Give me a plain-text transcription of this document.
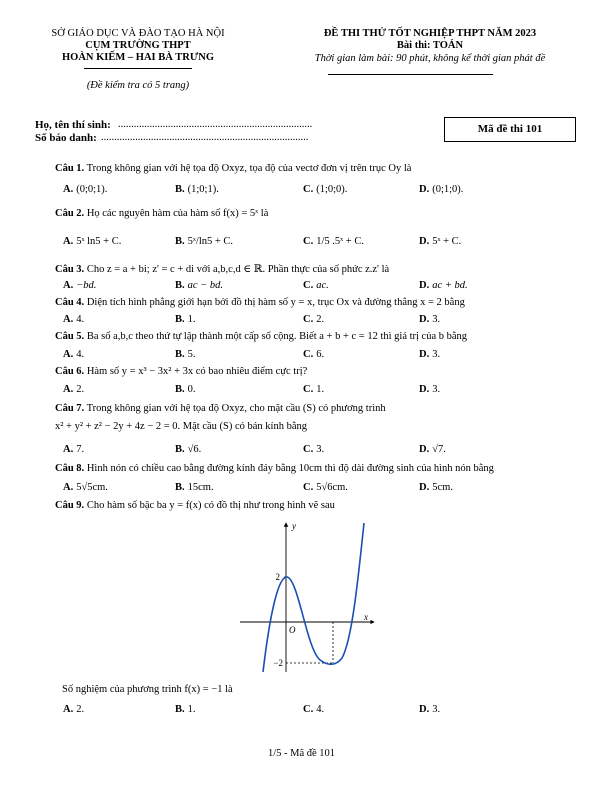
SỞ GIÁO DỤC VÀ ĐÀO TẠO HÀ NỘI
CỤM TRƯỜNG THPT
HOÀN KIẾM – HAI BÀ TRƯNG
(Đề kiểm tra có 5 trang)
ĐỀ THI THỬ TỐT NGHIỆP THPT NĂM 2023
Bài thi: TOÁN
Thời gian làm bài: 90 phút, không kể thời gian phát đề
Họ, tên thí sinh: ..........................................................................
Số báo danh: ...............................................................................
Mã đề thi 101
Câu 1. Trong không gian với hệ tọa độ Oxyz, tọa độ của vectơ đơn vị trên trục Oy là
A. (0;0;1).	B. (1;0;1).	C. (1;0;0).	D. (0;1;0).
Câu 2. Họ các nguyên hàm của hàm số f(x) = 5ˣ là
A. 5ˣ ln5 + C.	B. 5ˣ/ln5 + C.	C. 1/5 .5ˣ + C.	D. 5ˣ + C.
Câu 3. Cho z = a + bi; z' = c + di với a,b,c,d ∈ ℝ. Phần thực của số phức z.z' là
A. −bd.	B. ac − bd.	C. ac.	D. ac + bd.
Câu 4. Diện tích hình phẳng giới hạn bởi đồ thị hàm số y = x, trục Ox và đường thẳng x = 2 bằng
A. 4.	B. 1.	C. 2.	D. 3.
Câu 5. Ba số a,b,c theo thứ tự lập thành một cấp số cộng. Biết a + b + c = 12 thì giá trị của b bằng
A. 4.	B. 5.	C. 6.	D. 3.
Câu 6. Hàm số y = x³ − 3x² + 3x có bao nhiêu điểm cực trị?
A. 2.	B. 0.	C. 1.	D. 3.
Câu 7. Trong không gian với hệ tọa độ Oxyz, cho mặt cầu (S) có phương trình
x² + y² + z² − 2y + 4z − 2 = 0. Mặt cầu (S) có bán kính bằng
A. 7.	B. √6.	C. 3.	D. √7.
Câu 8. Hình nón có chiều cao bằng đường kính đáy bằng 10cm thì độ dài đường sinh của hình nón bằng
A. 5√5cm.	B. 15cm.	C. 5√6cm.	D. 5cm.
Câu 9. Cho hàm số bậc ba y = f(x) có đồ thị như trong hình vẽ sau
y
x
O
2
−2
Số nghiệm của phương trình f(x) = −1 là
A. 2.	B. 1.	C. 4.	D. 3.
1/5 - Mã đề 101
